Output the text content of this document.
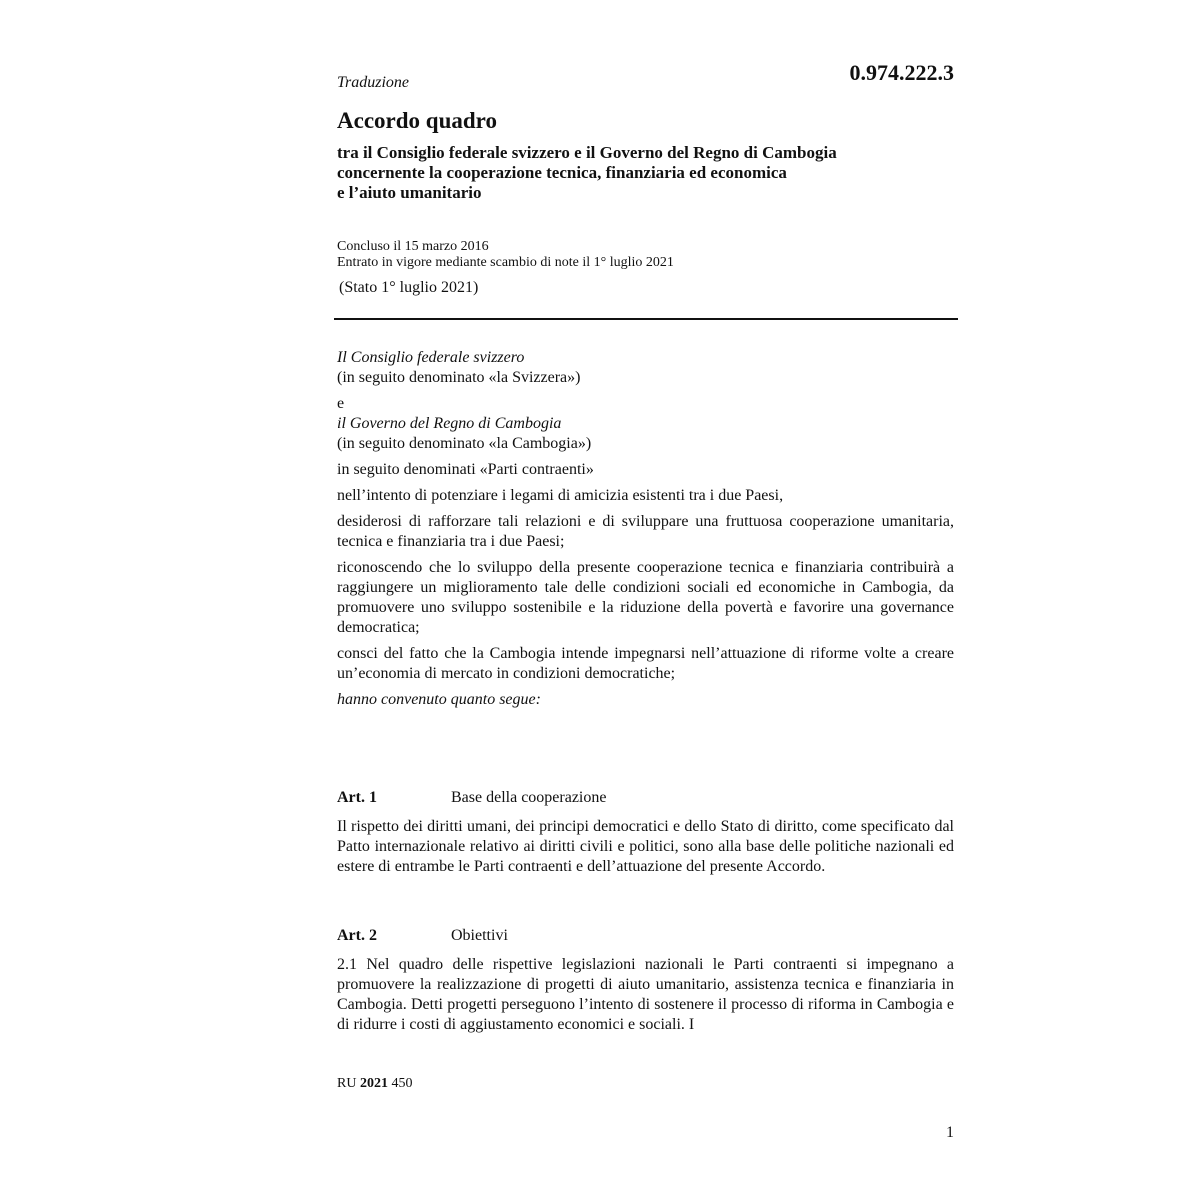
0.974.222.3
Traduzione
Accordo quadro
tra il Consiglio federale svizzero e il Governo del Regno di Cambogia
concernente la cooperazione tecnica, finanziaria ed economica
e l’aiuto umanitario
Concluso il 15 marzo 2016
Entrato in vigore mediante scambio di note il 1° luglio 2021
(Stato 1° luglio 2021)

Il Consiglio federale svizzero

(in seguito denominato «la Svizzera»)

e

il Governo del Regno di Cambogia

(in seguito denominato «la Cambogia»)

in seguito denominati «Parti contraenti»

nell’intento di potenziare i legami di amicizia esistenti tra i due Paesi,

desiderosi di rafforzare tali relazioni e di sviluppare una fruttuosa cooperazione umanitaria, tecnica e finanziaria tra i due Paesi;

riconoscendo che lo sviluppo della presente cooperazione tecnica e finanziaria contribuirà a raggiungere un miglioramento tale delle condizioni sociali ed economiche in Cambogia, da promuovere uno sviluppo sostenibile e la riduzione della povertà e favorire una governance democratica;

consci del fatto che la Cambogia intende impegnarsi nell’attuazione di riforme volte a creare un’economia di mercato in condizioni democratiche;

hanno convenuto quanto segue:

Art. 1	Base della cooperazione
Il rispetto dei diritti umani, dei principi democratici e dello Stato di diritto, come specificato dal Patto internazionale relativo ai diritti civili e politici, sono alla base delle politiche nazionali ed estere di entrambe le Parti contraenti e dell’attuazione del presente Accordo.
Art. 2	Obiettivi
2.1 Nel quadro delle rispettive legislazioni nazionali le Parti contraenti si impegnano a promuovere la realizzazione di progetti di aiuto umanitario, assistenza tecnica e finanziaria in Cambogia. Detti progetti perseguono l’intento di sostenere il processo di riforma in Cambogia e di ridurre i costi di aggiustamento economici e sociali. I
RU 2021 450
1
